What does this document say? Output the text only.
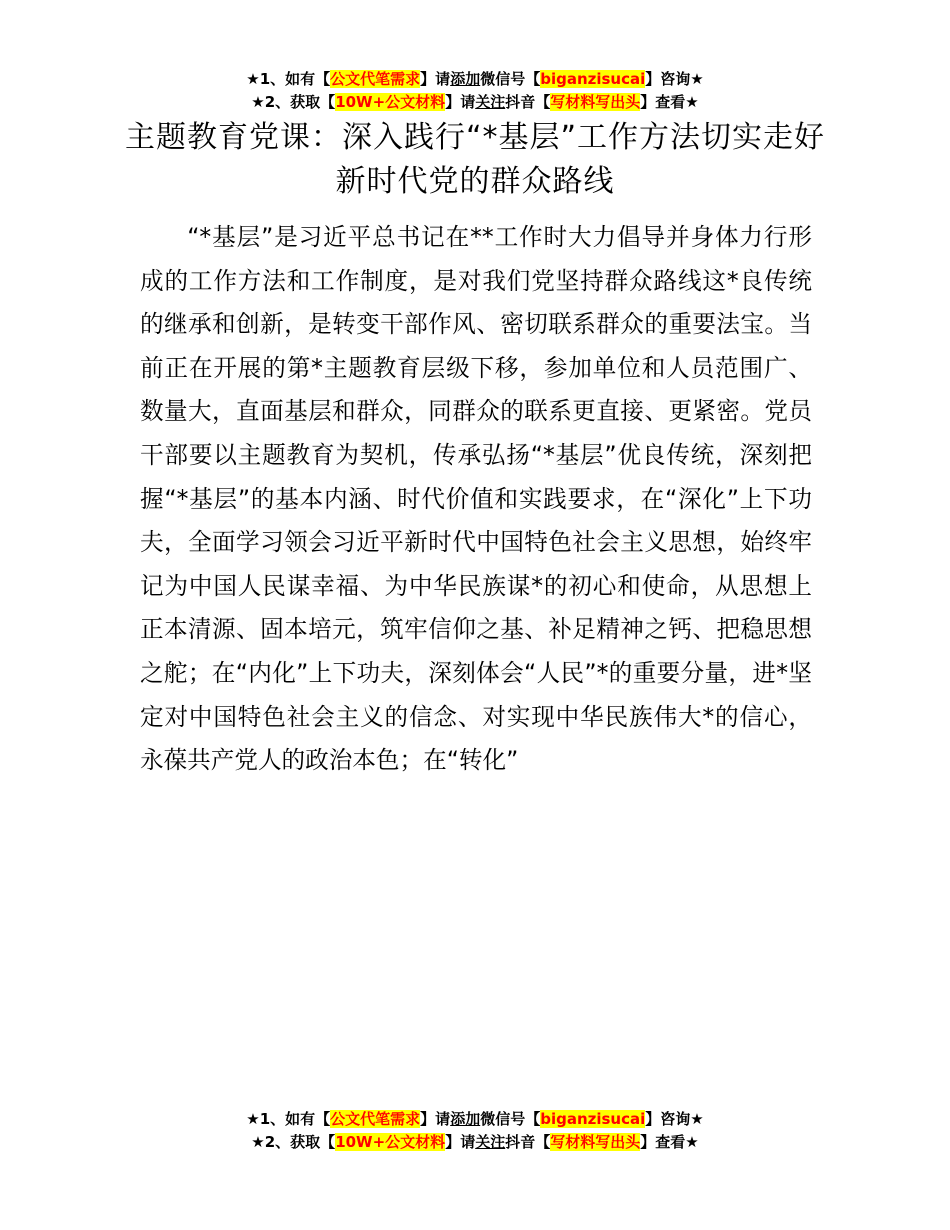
★1、如有【公文代笔需求】请添加微信号【biganzisucai】咨询★
★2、获取【10W+公文材料】请关注抖音【写材料写出头】查看★
主题教育党课：深入践行“*基层”工作方法切实走好新时代党的群众路线
“*基层”是习近平总书记在**工作时大力倡导并身体力行形成的工作方法和工作制度，是对我们党坚持群众路线这*良传统的继承和创新，是转变干部作风、密切联系群众的重要法宝。当前正在开展的第*主题教育层级下移，参加单位和人员范围广、数量大，直面基层和群众，同群众的联系更直接、更紧密。党员干部要以主题教育为契机，传承弘扬“*基层”优良传统，深刻把握“*基层”的基本内涵、时代价值和实践要求，在“深化”上下功夫，全面学习领会习近平新时代中国特色社会主义思想，始终牢记为中国人民谋幸福、为中华民族谋*的初心和使命，从思想上正本清源、固本培元，筑牢信仰之基、补足精神之钙、把稳思想之舵；在“内化”上下功夫，深刻体会“人民”*的重要分量，进*坚定对中国特色社会主义的信念、对实现中华民族伟大*的信心，永葆共产党人的政治本色；在“转化”
★1、如有【公文代笔需求】请添加微信号【biganzisucai】咨询★
★2、获取【10W+公文材料】请关注抖音【写材料写出头】查看★
